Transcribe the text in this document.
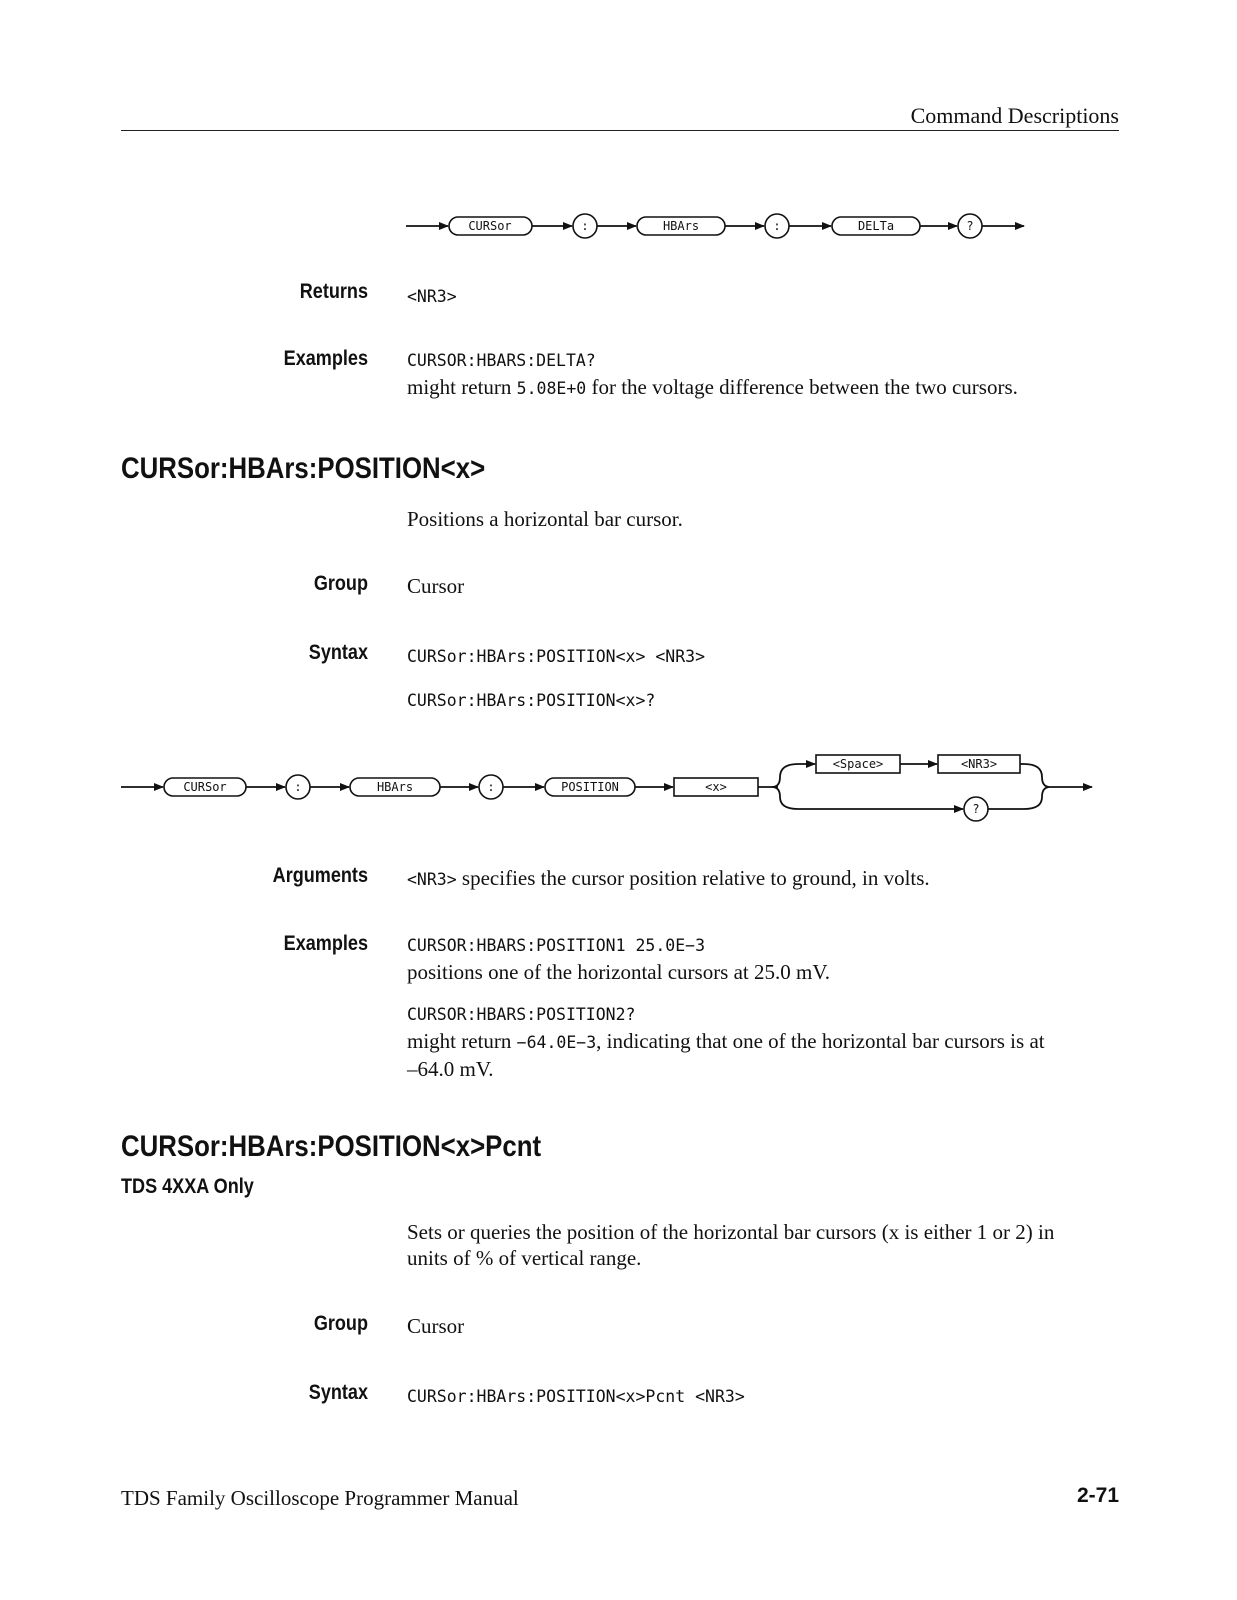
Command Descriptions
CURSor	:	HBArs	:	DELTa	?
Returns <NR3>
Examples CURSOR:HBARS:DELTA?
might return 5.08E+0 for the voltage difference between the two cursors.
CURSor:HBArs:POSITION<x>
Positions a horizontal bar cursor.
Group Cursor
Syntax CURSor:HBArs:POSITION<x> <NR3>
CURSor:HBArs:POSITION<x>?
CURSor	:	HBArs	:	POSITION	<x>
<Space>	<NR3>
?
Arguments <NR3> specifies the cursor position relative to ground, in volts.
Examples CURSOR:HBARS:POSITION1 25.0E−3
positions one of the horizontal cursors at 25.0 mV.
CURSOR:HBARS:POSITION2?
might return −64.0E−3, indicating that one of the horizontal bar cursors is at
–64.0 mV.
CURSor:HBArs:POSITION<x>Pcnt
TDS 4XXA Only
Sets or queries the position of the horizontal bar cursors (x is either 1 or 2) in
units of % of vertical range.
Group Cursor
Syntax CURSor:HBArs:POSITION<x>Pcnt <NR3>
TDS Family Oscilloscope Programmer Manual	2-71
